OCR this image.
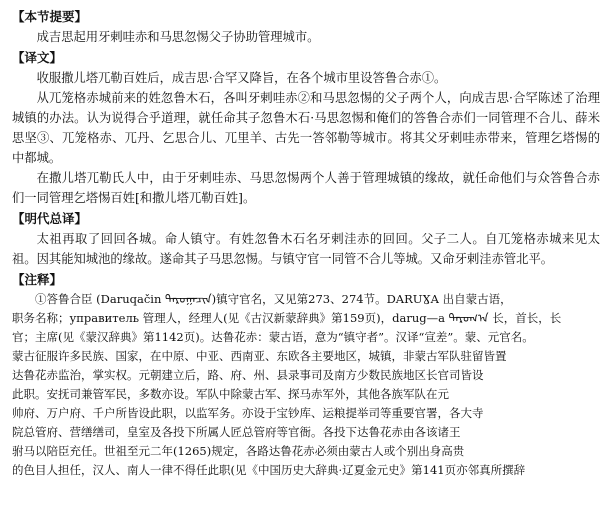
【本节提要】

成吉思起用牙剌哇赤和马思忽惕父子协助管理城市。

【译文】

收服撒儿塔兀勒百姓后，成吉思·合罕又降旨，在各个城市里设答鲁合赤①。

从兀笼格赤城前来的姓忽鲁木石，各叫牙剌哇赤②和马思忽惕的父子两个人，向成吉思·合罕陈述了治理城镇的办法。认为说得合乎道理，就任命其子忽鲁木石·马思忽惕和俺们的答鲁合赤们一同管理不合儿、薛米思坚③、兀笼格赤、兀丹、乞思合儿、兀里羊、古先一答邻勒等城市。将其父牙剌哇赤带来，管理乞塔惕的中都城。

在撒儿塔兀勒氏人中，由于牙剌哇赤、马思忽惕两个人善于管理城镇的缘故，就任命他们与众答鲁合赤们一同管理乞塔惕百姓[和撒儿塔兀勒百姓]。

【明代总译】

太祖再取了回回各城。命人镇守。有姓忽鲁木石名牙剌洼赤的回回。父子二人。自兀笼格赤城来见太祖。因其能知城池的缘故。遂命其子马思忽惕。与镇守官一同管不合儿等城。又命牙剌洼赤管北平。

【注释】
①答鲁合臣 (Daruqačin ᠳᠠᠷᠤᠭᠠᠴᠢᠨ)镇守官名，又见第273、274节。DARUƔA 出自蒙古语，
职务名称；управитель 管理人，经理人(见《古汉新蒙辞典》第159页)，darug—a ᠳᠠᠷᠤᠭ᠎ᠠ 长，首长，长
官；主席(见《蒙汉辞典》第1142页)。达鲁花赤：蒙古语，意为“镇守者”。汉译“宣差”。蒙、元官名。
蒙古征服许多民族、国家，在中原、中亚、西南亚、东欧各主要地区，城镇，非蒙古军队驻留皆置
达鲁花赤监治，掌实权。元朝建立后，路、府、州、县录事司及南方少数民族地区长官司皆设
此职。安抚司兼管军民，多数亦设。军队中除蒙古军、探马赤军外，其他各族军队在元
帅府、万户府、千户所皆设此职，以监军务。亦设于宝钞库、运粮提举司等重要官署，各大寺
院总管府、营缮缮司，皇室及各投下所属人匠总管府等官衙。各投下达鲁花赤由各该诸王
驸马以陪臣充任。世祖至元二年(1265)规定，各路达鲁花赤必须由蒙古人或个别出身高贵
的色目人担任，汉人、南人一律不得任此职(见《中国历史大辞典·辽夏金元史》第141页亦邻真所撰辞
